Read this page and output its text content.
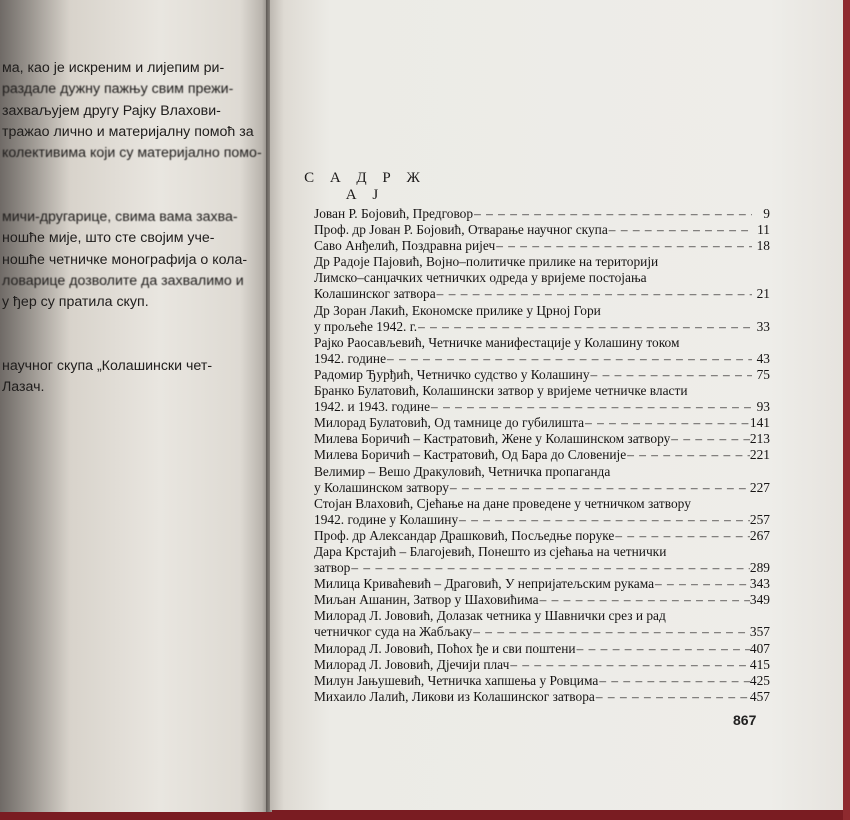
ма, као је искреним и лијепим ри-
раздале дужну пажњу свим прежи-
захваљујем другу Рајку Влахови-
тражао лично и материјалну помоћ за
колективима који су материјално помо-
мичи-другарице, свима вама захва-
ношће мије, што сте својим уче-
ношће четничке монографија о кола-
ловарице дозволите да захвалимо и
у ђер су пратила скуп.
научног скупа „Колашински чет-
Лазач.
С А Д Р Ж А Ј
Јован Р. Бојовић, Предговор – – –	9
Проф. др Јован Р. Бојовић, Отварање научног скупа – – –	11
Саво Анђелић, Поздравна ријеч – – –	18
Др Радоје Пајовић, Војно–политичке прилике на територији
Лимско–санџачких четничких одреда у вријеме постојања
Колашинског затвора – – –	21
Др Зоран Лакић, Економске прилике у Црној Гори
у прољеће 1942. г. – – –	33
Рајко Раосављевић, Четничке манифестације у Колашину током
1942. године – – –	43
Радомир Ђурђић, Четничко судство у Колашину – – –	75
Бранко Булатовић, Колашински затвор у вријеме четничке власти
1942. и 1943. године – – –	93
Милорад Булатовић, Од тамнице до губилишта – – –	141
Милева Боричић – Кастратовић, Жене у Колашинском затвору – – –	213
Милева Боричић – Кастратовић, Од Бара до Словеније – – –	221
Велимир – Вешо Дракуловић, Четничка пропаганда
у Колашинском затвору – – –	227
Стојан Влаховић, Сјећање на дане проведене у четничком затвору
1942. године у Колашину – – –	257
Проф. др Александар Драшковић, Посљедње поруке – – –	267
Дара Крстајић – Благојевић, Понешто из сјећања на четнички
затвор – – –	289
Милица Криваћевић – Драговић, У непријатељским рукама – – –	343
Миљан Ашанин, Затвор у Шаховићима – – –	349
Милорад Л. Јововић, Долазак четника у Шавнички срез и рад
четничког суда на Жабљаку – – –	357
Милорад Л. Јововић, Поћох ђе и сви поштени – – –	407
Милорад Л. Јововић, Дјечији плач – – –	415
Милун Јањушевић, Четничка хапшења у Ровцима – – –	425
Михаило Лалић, Ликови из Колашинског затвора – – –	457
867
